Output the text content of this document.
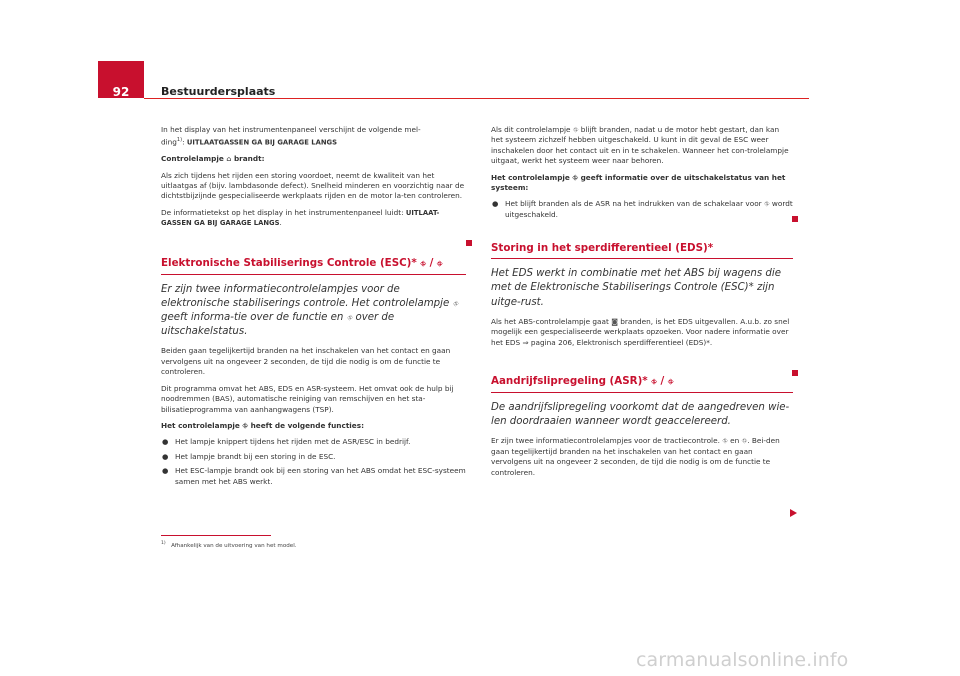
92	Bestuurdersplaats

In het display van het instrumentenpaneel verschijnt de volgende mel-
ding$^{1)}$: UITLAATGASSEN GA BIJ GARAGE LANGS

Controlelampje ⌂ brandt:

Als zich tijdens het rijden een storing voordoet, neemt de kwaliteit van het uitlaatgas af (bijv. lambdasonde defect). Snelheid minderen en voorzichtig naar de dichtstbijzijnde gespecialiseerde werkplaats rijden en de motor la-ten controleren.

De informatietekst op het display in het instrumentenpaneel luidt: UITLAAT-GASSEN GA BIJ GARAGE LANGS.

Elektronische Stabiliserings Controle (ESC)* ⛗ / ⛗

Er zijn twee informatiecontrolelampjes voor de elektronische stabiliserings controle. Het controlelampje ⛗ geeft informa-tie over de functie en ⛗ over de uitschakelstatus.

Beiden gaan tegelijkertijd branden na het inschakelen van het contact en gaan vervolgens uit na ongeveer 2 seconden, de tijd die nodig is om de functie te controleren.

Dit programma omvat het ABS, EDS en ASR-systeem. Het omvat ook de hulp bij noodremmen (BAS), automatische reiniging van remschijven en het sta-bilisatieprogramma van aanhangwagens (TSP).

Het controlelampje ⛗ heeft de volgende functies:

● Het lampje knippert tijdens het rijden met de ASR/ESC in bedrijf.

● Het lampje brandt bij een storing in de ESC.

● Het ESC-lampje brandt ook bij een storing van het ABS omdat het ESC-systeem samen met het ABS werkt.

Als dit controlelampje ⛗ blijft branden, nadat u de motor hebt gestart, dan kan het systeem zichzelf hebben uitgeschakeld. U kunt in dit geval de ESC weer inschakelen door het contact uit en in te schakelen. Wanneer het con-trolelampje uitgaat, werkt het systeem weer naar behoren.

Het controlelampje ⛗ geeft informatie over de uitschakelstatus van het systeem:

● Het blijft branden als de ASR na het indrukken van de schakelaar voor ⛗ wordt uitgeschakeld.

Storing in het sperdifferentieel (EDS)*

Het EDS werkt in combinatie met het ABS bij wagens die met de Elektronische Stabiliserings Controle (ESC)* zijn uitge-rust.

Als het ABS-controlelampje gaat ◙ branden, is het EDS uitgevallen. A.u.b. zo snel mogelijk een gespecialiseerde werkplaats opzoeken. Voor nadere informatie over het EDS ⇒ pagina 206, Elektronisch sperdifferentieel (EDS)*.

Aandrijfslipregeling (ASR)* ⛗ / ⛗

De aandrijfslipregeling voorkomt dat de aangedreven wie-len doordraaien wanneer wordt geaccelereerd.

Er zijn twee informatiecontrolelampjes voor de tractiecontrole. ⛗ en ⛗. Bei-den gaan tegelijkertijd branden na het inschakelen van het contact en gaan vervolgens uit na ongeveer 2 seconden, de tijd die nodig is om de functie te controleren.

$^{1)}$ Afhankelijk van de uitvoering van het model.
carmanualsonline.info
